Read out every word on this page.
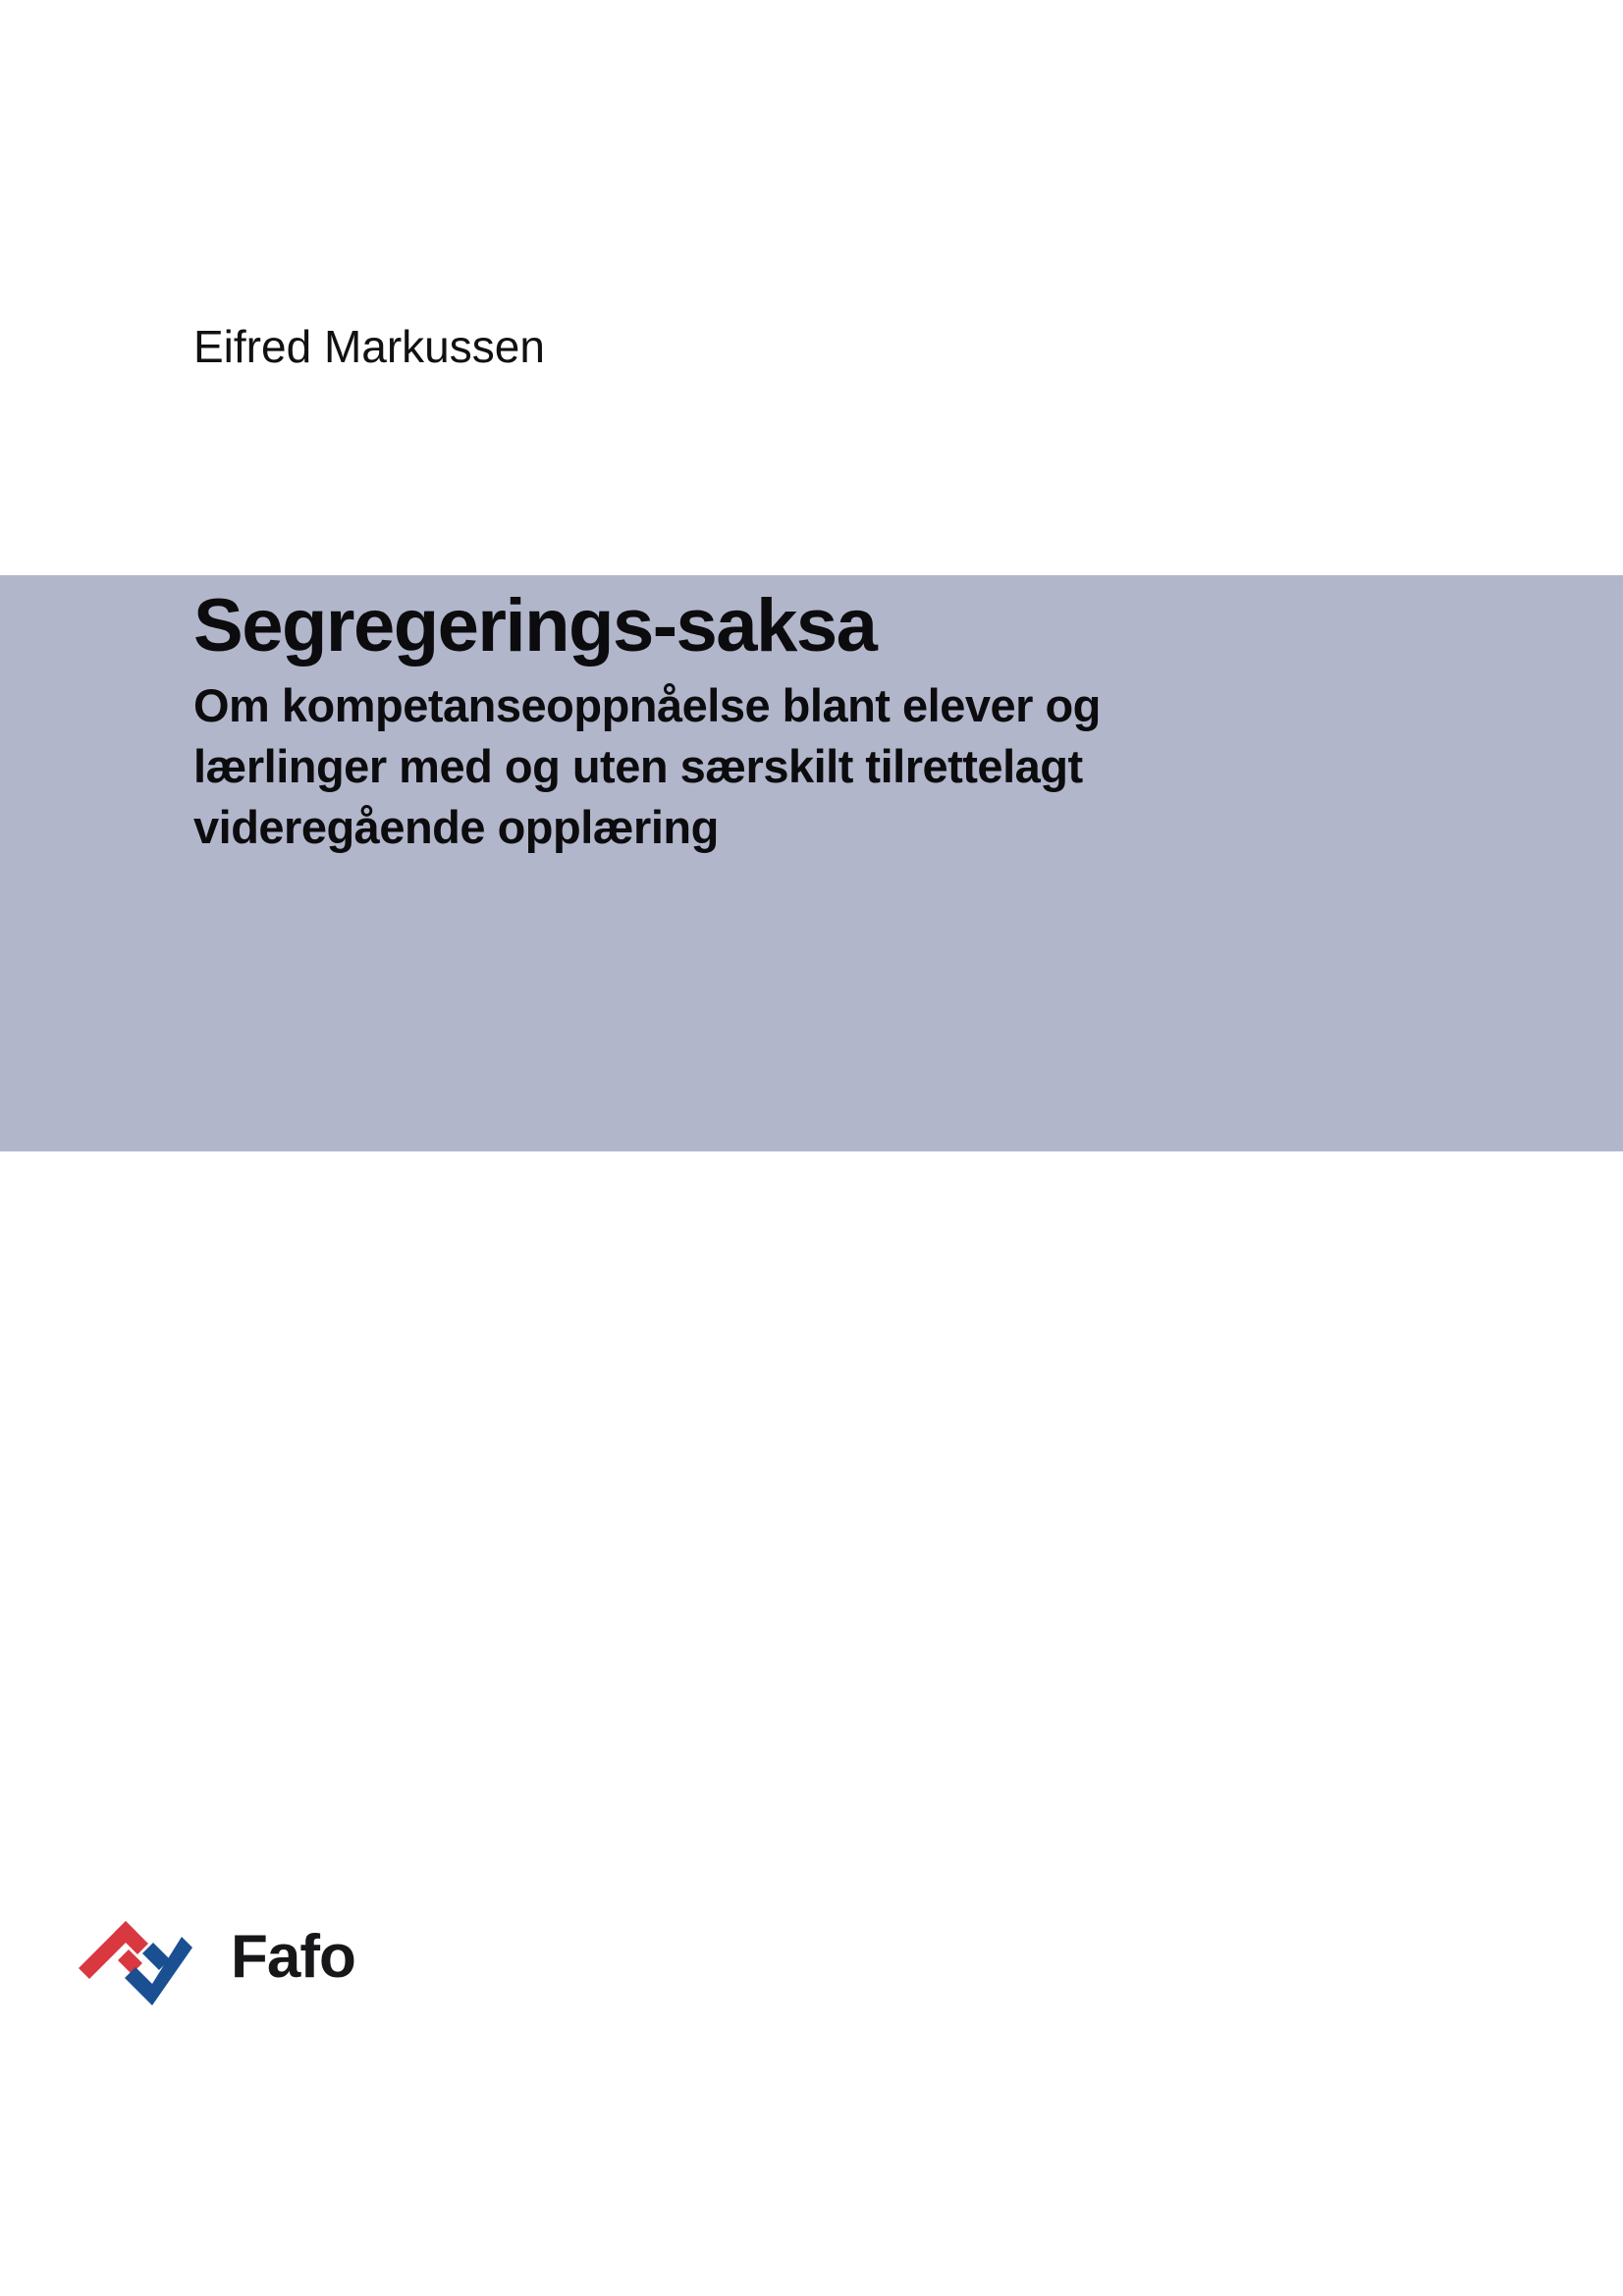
Eifred Markussen
Segregerings-saksa
Om kompetanseoppnåelse blant elever og
lærlinger med og uten særskilt tilrettelagt
videregående opplæring
Fafo
